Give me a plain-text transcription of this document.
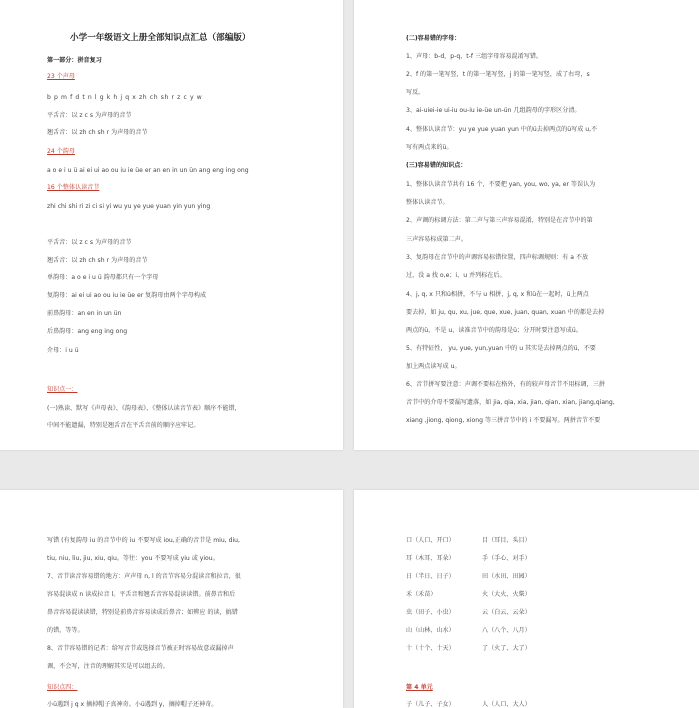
小学一年级语文上册全部知识点汇总（部编版）
第一部分：拼音复习
23 个声母
b p m f d t n l g k h j q x zh ch sh r z c y w
平舌音：以 z c s 为声母的音节
翘舌音：以 zh ch sh r 为声母的音节
24 个韵母
a o e i u ü ai ei ui ao ou iu ie üe er an en in un ün ang eng ing ong
16 个整体认读音节
zhi chi shi ri zi ci si yi wu yu ye yue yuan yin yun ying
平舌音：以 z c s 为声母的音节
翘舌音：以 zh ch sh r 为声母的音节
单韵母：a o e i u ü 韵母都只有一个字母
复韵母：ai ei ui ao ou iu ie üe er 复韵母由两个字母构成
前鼻韵母：an en in un ün
后鼻韵母：ang eng ing ong
介母：i u ü
知识点一：
(一)熟读、默写《声母表》、《韵母表》、《整体认读音节表》顺序不能错，
中间不能遗漏，特别是翘舌音在平舌音前的顺序应牢记。
(二)容易错的字母：
1、声母：b-d，p-q，t-f 三组字母容易混淆写错。
2、f 的第一笔写竖，t 的第一笔写竖，j 的第一笔写竖，成了右弯，s
写反。
3、ai-uiei-ie ui-iu ou-iu ie-üe un-ün 几组韵母的字形区分清。
4、整体认读音节：yu ye yue yuan yun 中的ü去掉两点的ü写成 u,不
写有两点来的ü。
(三)容易错的知识点：
1、整体认读音节共有 16 个，不要把 yan, you, wo, ya, er 等误认为
整体认读音节。
2、声调的标调方法：第二声与第三声容易混淆，特别是在音节中的第
三声容易标成第二声。
3、复韵母在音节中的声调容易标错位置，四声标调规则：有 a 不放
过，没 a 找 o,e；i、u 并列标在后。
4、j, q, x 只和ü相拼，不与 u 相拼，j, q, x 和ü在一起时，ü上两点
要去掉，如 ju, qu, xu, jue, que, xue, juan, quan, xuan 中的都是去掉
两点的ü，不是 u，读准音节中的韵母是ü；分开时要注意写成ü。
5、有特征性， yu, yue, yun,yuan 中的 u 其实是去掉两点的ü，不要
加上两点读写成 u。
6、音节拼写要注意：声调不要标在格外，有的较声母音节不用标调，三拼
音节中的介母不要漏写遗落，如 jia, qia, xia, jian, qian, xian, jiang,qiang,
xiang ,jiong, qiong, xiong 等三拼音节中的 i 不要漏写。两拼音节不要
写错 (有复韵母 iu 的音节中的 iu 不要写成 iou,正确的音节是 miu, diu,
tiu, niu, liu, jiu, xiu, qiu。等往：you 不要写成 yiu 或 yiou。
7、音节读音容易错的地方：声声母 n, l 的音节容易分混读音和拉音，很
容易混读成 n 读成拉音 l。平舌音和翘舌音容易混读读错。前鼻音和后
鼻音容易混读读错，特别是前鼻音容易读成后鼻音；如辨应 的读，搞错
的错，等等。
8、音节容易错的记者：给写音节或选择音节被正时容易故意或漏掉声
调，不会写，注音的理解其实是可以组去的。
知识点四：
小ü遇到 j q x 摘掉帽子真神奇。小ü遇到 y，摘掉帽子还神奇。
口（人口、开口）	目（耳目、头目）
耳（木耳、耳朵）	手（手心、对手）
日（半日、日子）	田（水田、田园）
禾（禾苗）	火（大火、火柴）
虫（田子、小虫）	云（白云、云朵）
山（山林、山水）	八（八个、八月）
十（十个、十天）	了（火了、大了）
第 4 单元
子（儿子、子女）	人（人口、大人）
